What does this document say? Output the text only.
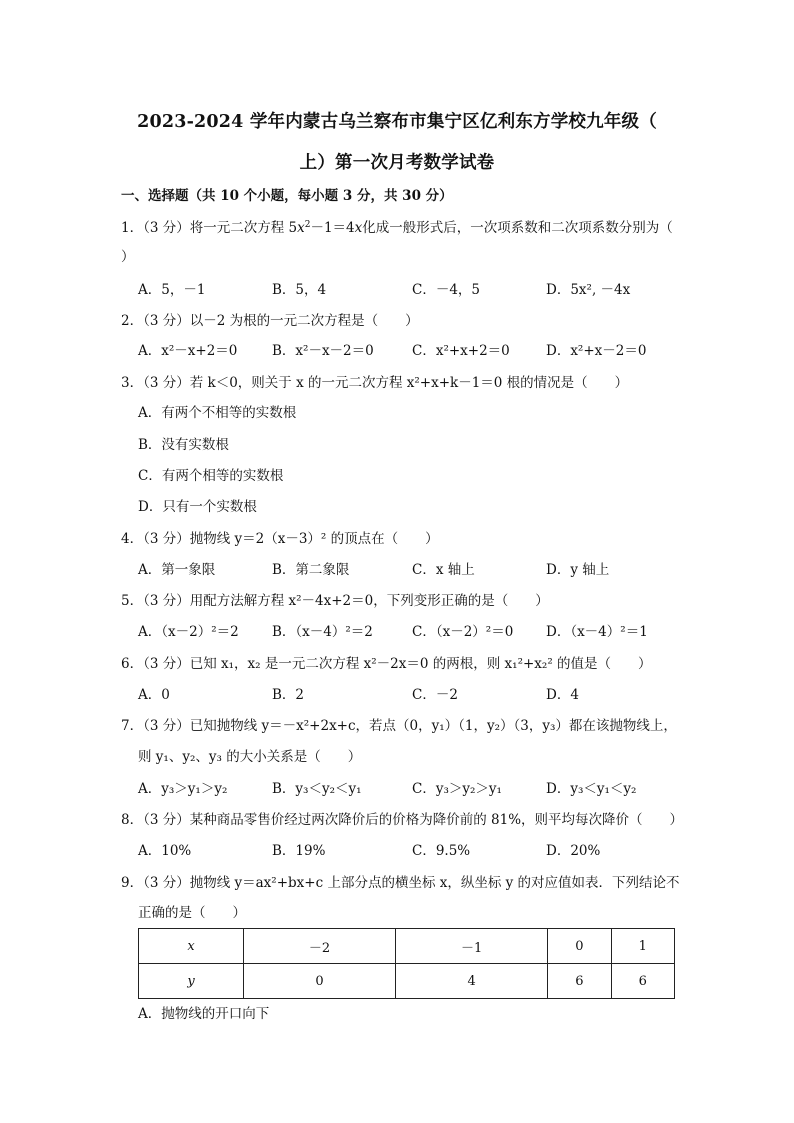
2023-2024 学年内蒙古乌兰察布市集宁区亿利东方学校九年级（
上）第一次月考数学试卷
一、选择题（共 10 个小题，每小题 3 分，共 30 分）
1．（3 分）将一元二次方程 $5x^2-1=4x$化成一般形式后，一次项系数和二次项系数分别为（
）
A．5，－1	B．5，4	C．－4，5	D．5x², －4x
2．（3 分）以－2 为根的一元二次方程是（　　）
A．x²－x+2＝0	B．x²－x－2＝0	C．x²+x+2＝0	D．x²+x－2＝0
3．（3 分）若 k＜0，则关于 x 的一元二次方程 x²+x+k－1＝0 根的情况是（　　）
A．有两个不相等的实数根
B．没有实数根
C．有两个相等的实数根
D．只有一个实数根
4．（3 分）抛物线 y＝2（x－3）² 的顶点在（　　）
A．第一象限	B．第二象限	C．x 轴上	D．y 轴上
5．（3 分）用配方法解方程 x²－4x+2＝0，下列变形正确的是（　　）
A．（x－2）²＝2 B．（x－4）²＝2	C．（x－2）²＝0 D．（x－4）²＝1
6．（3 分）已知 x₁，x₂ 是一元二次方程 x²－2x＝0 的两根，则 x₁²+x₂² 的值是（　　）
A．0	B．2	C．－2	D．4
7．（3 分）已知抛物线 y＝－x²+2x+c，若点（0，y₁）（1，y₂）（3，y₃）都在该抛物线上，
则 y₁、y₂、y₃ 的大小关系是（　　）
A．y₃＞y₁＞y₂	B．y₃＜y₂＜y₁	C．y₃＞y₂＞y₁	D．y₃＜y₁＜y₂
8．（3 分）某种商品零售价经过两次降价后的价格为降价前的 81%，则平均每次降价（　　）
A．10%	B．19%	C．9.5%	D．20%
9．（3 分）抛物线 y＝ax²+bx+c 上部分点的横坐标 x，纵坐标 y 的对应值如表．下列结论不
正确的是（　　）
x	－2	－1	0	1
y	0	4	6	6
A．抛物线的开口向下
